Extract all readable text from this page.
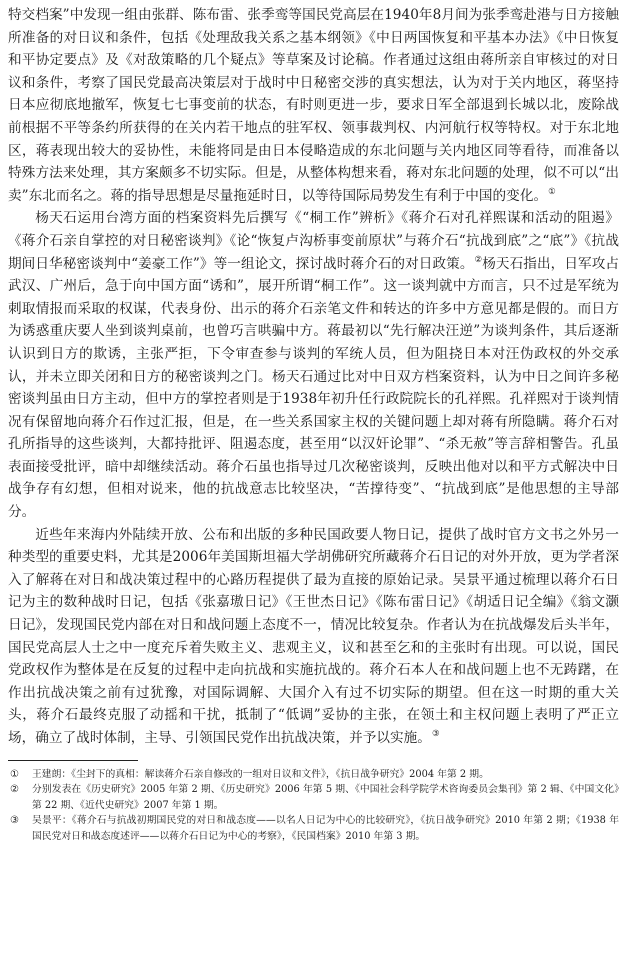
特交档案”中发现一组由张群、陈布雷、张季鸾等国民党高层在1940年8月间为张季鸾赴港与日方接触所准备的对日议和条件，包括《处理敌我关系之基本纲领》《中日两国恢复和平基本办法》《中日恢复和平协定要点》及《对敌策略的几个疑点》等草案及讨论稿。作者通过这组由蒋所亲自审核过的对日议和条件，考察了国民党最高决策层对于战时中日秘密交涉的真实想法，认为对于关内地区，蒋坚持日本应彻底地撤军，恢复七七事变前的状态，有时则更进一步，要求日军全部退到长城以北，废除战前根据不平等条约所获得的在关内若干地点的驻军权、领事裁判权、内河航行权等特权。对于东北地区，蒋表现出较大的妥协性，未能将同是由日本侵略造成的东北问题与关内地区同等看待，而准备以特殊方法来处理，其方案颇多不切实际。但是，从整体构想来看，蒋对东北问题的处理，似不可以“出卖”东北而名之。蒋的指导思想是尽量拖延时日，以等待国际局势发生有利于中国的变化。①

杨天石运用台湾方面的档案资料先后撰写《“桐工作”辨析》《蒋介石对孔祥熙谋和活动的阻遏》《蒋介石亲自掌控的对日秘密谈判》《论“恢复卢沟桥事变前原状”与蒋介石“抗战到底”之“底”》《抗战期间日华秘密谈判中“姜豪工作”》等一组论文，探讨战时蒋介石的对日政策。②杨天石指出，日军攻占武汉、广州后，急于向中国方面“诱和”，展开所谓“桐工作”。这一谈判就中方而言，只不过是军统为刺取情报而采取的权谋，代表身份、出示的蒋介石亲笔文件和转达的许多中方意见都是假的。而日方为诱惑重庆要人坐到谈判桌前，也曾巧言哄骗中方。蒋最初以“先行解决汪逆”为谈判条件，其后逐渐认识到日方的欺诱，主张严拒，下令审查参与谈判的军统人员，但为阻挠日本对汪伪政权的外交承认，并未立即关闭和日方的秘密谈判之门。杨天石通过比对中日双方档案资料，认为中日之间许多秘密谈判虽由日方主动，但中方的掌控者则是于1938年初升任行政院院长的孔祥熙。孔祥熙对于谈判情况有保留地向蒋介石作过汇报，但是，在一些关系国家主权的关键问题上却对蒋有所隐瞒。蒋介石对孔所指导的这些谈判，大都持批评、阻遏态度，甚至用“以汉奸论罪”、“杀无赦”等言辞相警告。孔虽表面接受批评，暗中却继续活动。蒋介石虽也指导过几次秘密谈判，反映出他对以和平方式解决中日战争存有幻想，但相对说来，他的抗战意志比较坚决，“苦撑待变”、“抗战到底”是他思想的主导部分。

近些年来海内外陆续开放、公布和出版的多种民国政要人物日记，提供了战时官方文书之外另一种类型的重要史料，尤其是2006年美国斯坦福大学胡佛研究所藏蒋介石日记的对外开放，更为学者深入了解蒋在对日和战决策过程中的心路历程提供了最为直接的原始记录。吴景平通过梳理以蒋介石日记为主的数种战时日记，包括《张嘉璈日记》《王世杰日记》《陈布雷日记》《胡适日记全编》《翁文灏日记》，发现国民党内部在对日和战问题上态度不一，情况比较复杂。作者认为在抗战爆发后头半年，国民党高层人士之中一度充斥着失败主义、悲观主义，议和甚至乞和的主张时有出现。可以说，国民党政权作为整体是在反复的过程中走向抗战和实施抗战的。蒋介石本人在和战问题上也不无踌躇，在作出抗战决策之前有过犹豫，对国际调解、大国介入有过不切实际的期望。但在这一时期的重大关头，蒋介石最终克服了动摇和干扰，抵制了“低调”妥协的主张，在领土和主权问题上表明了严正立场，确立了战时体制，主导、引领国民党作出抗战决策，并予以实施。③

①	王建朗：《尘封下的真相：解读蒋介石亲自修改的一组对日议和文件》，《抗日战争研究》2004 年第 2 期。
②	分别发表在《历史研究》2005 年第 2 期、《历史研究》2006 年第 5 期、《中国社会科学院学术咨询委员会集刊》第 2 辑、《中国文化》第 22 期、《近代史研究》2007 年第 1 期。
③	吴景平：《蒋介石与抗战初期国民党的对日和战态度——以名人日记为中心的比较研究》，《抗日战争研究》2010 年第 2 期；《1938 年国民党对日和战态度述评——以蒋介石日记为中心的考察》，《民国档案》2010 年第 3 期。
